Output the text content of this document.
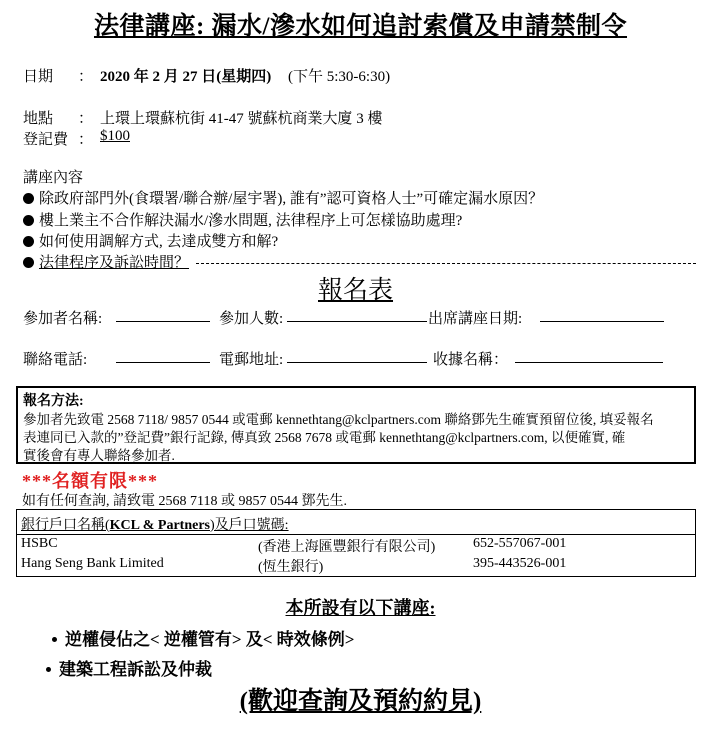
法律講座: 漏水/滲水如何追討索償及申請禁制令
日期 ： 2020 年 2 月 27 日(星期四) (下午 5:30-6:30)
地點 ： 上環上環蘇杭街 41-47 號蘇杭商業大廈 3 樓
登記費 ： $100
講座內容
除政府部門外(食環署/聯合辦/屋宇署), 誰有”認可資格人士”可確定漏水原因？
樓上業主不合作解決漏水/滲水問題, 法律程序上可怎樣協助處理?
如何使用調解方式, 去達成雙方和解?
法律程序及訴訟時間？
報名表
參加者名稱:	參加人數:	出席講座日期:
聯絡電話:	電郵地址:	收據名稱：
報名方法:
參加者先致電 2568 7118/ 9857 0544 或電郵 kennethtang@kclpartners.com 聯絡鄧先生確實預留位後, 填妥報名
表連同已入款的”登記費”銀行記錄, 傳真致 2568 7678 或電郵 kennethtang@kclpartners.com, 以便確實, 確
實後會有專人聯絡參加者.
***名額有限***
如有任何查詢, 請致電 2568 7118 或 9857 0544 鄧先生.
銀行戶口名稱(KCL & Partners)及戶口號碼:
HSBC	(香港上海匯豐銀行有限公司)	652-557067-001
Hang Seng Bank Limited	(恆生銀行)	395-443526-001
本所設有以下講座:
逆權侵佔之< 逆權管有> 及< 時效條例>
建築工程訴訟及仲裁
(歡迎查詢及預約約見)
